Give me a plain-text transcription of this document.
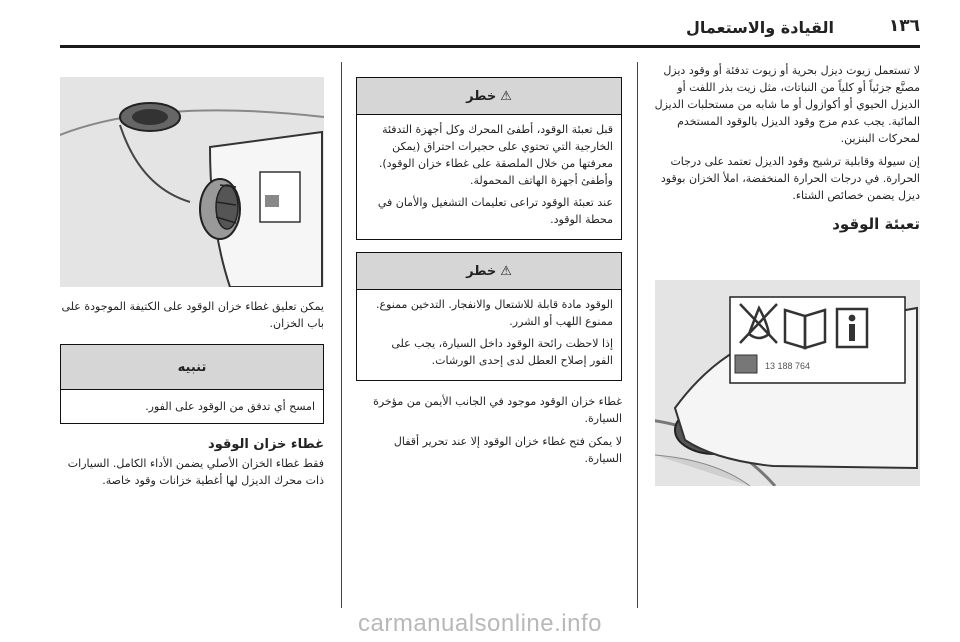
١٣٦
القيادة والاستعمال

لا تستعمل زيوت ديزل بحرية أو زيوت تدفئة أو وقود ديزل مصنَّع جزئياً أو كلياً من النباتات، مثل زيت بذر اللفت أو الديزل الحيوي أو أكوازول أو ما شابه من مستحلبات الديزل المائية. يجب عدم مزج وقود الديزل بالوقود المستخدم لمحركات البنزين.

إن سيولة وقابلية ترشيح وقود الديزل تعتمد على درجات الحرارة. في درجات الحرارة المنخفضة، املأ الخزان بوقود ديزل يضمن خصائص الشتاء.

تعبئة الوقود
13 188 764
⚠
خطر

قبل تعبئة الوقود، أطفئ المحرك وكل أجهزة التدفئة الخارجية التي تحتوي على حجيرات احتراق (يمكن معرفتها من خلال الملصقة على غطاء خزان الوقود). وأطفئ أجهزة الهاتف المحمولة.

عند تعبئة الوقود تراعى تعليمات التشغيل والأمان في محطة الوقود.

⚠
خطر

الوقود مادة قابلة للاشتعال والانفجار. التدخين ممنوع. ممنوع اللهب أو الشرر.

إذا لاحظت رائحة الوقود داخل السيارة، يجب على الفور إصلاح العطل لدى إحدى الورشات.

غطاء خزان الوقود موجود في الجانب الأيمن من مؤخرة السيارة.

لا يمكن فتح غطاء خزان الوقود إلا عند تحرير أقفال السيارة.

يمكن تعليق غطاء خزان الوقود على الكتيفة الموجودة على باب الخزان.

تنبيه
امسح أي تدفق من الوقود على الفور.
غطاء خزان الوقود

فقط غطاء الخزان الأصلي يضمن الأداء الكامل. السيارات ذات محرك الديزل لها أغطية خزانات وقود خاصة.

carmanualsonline.info
